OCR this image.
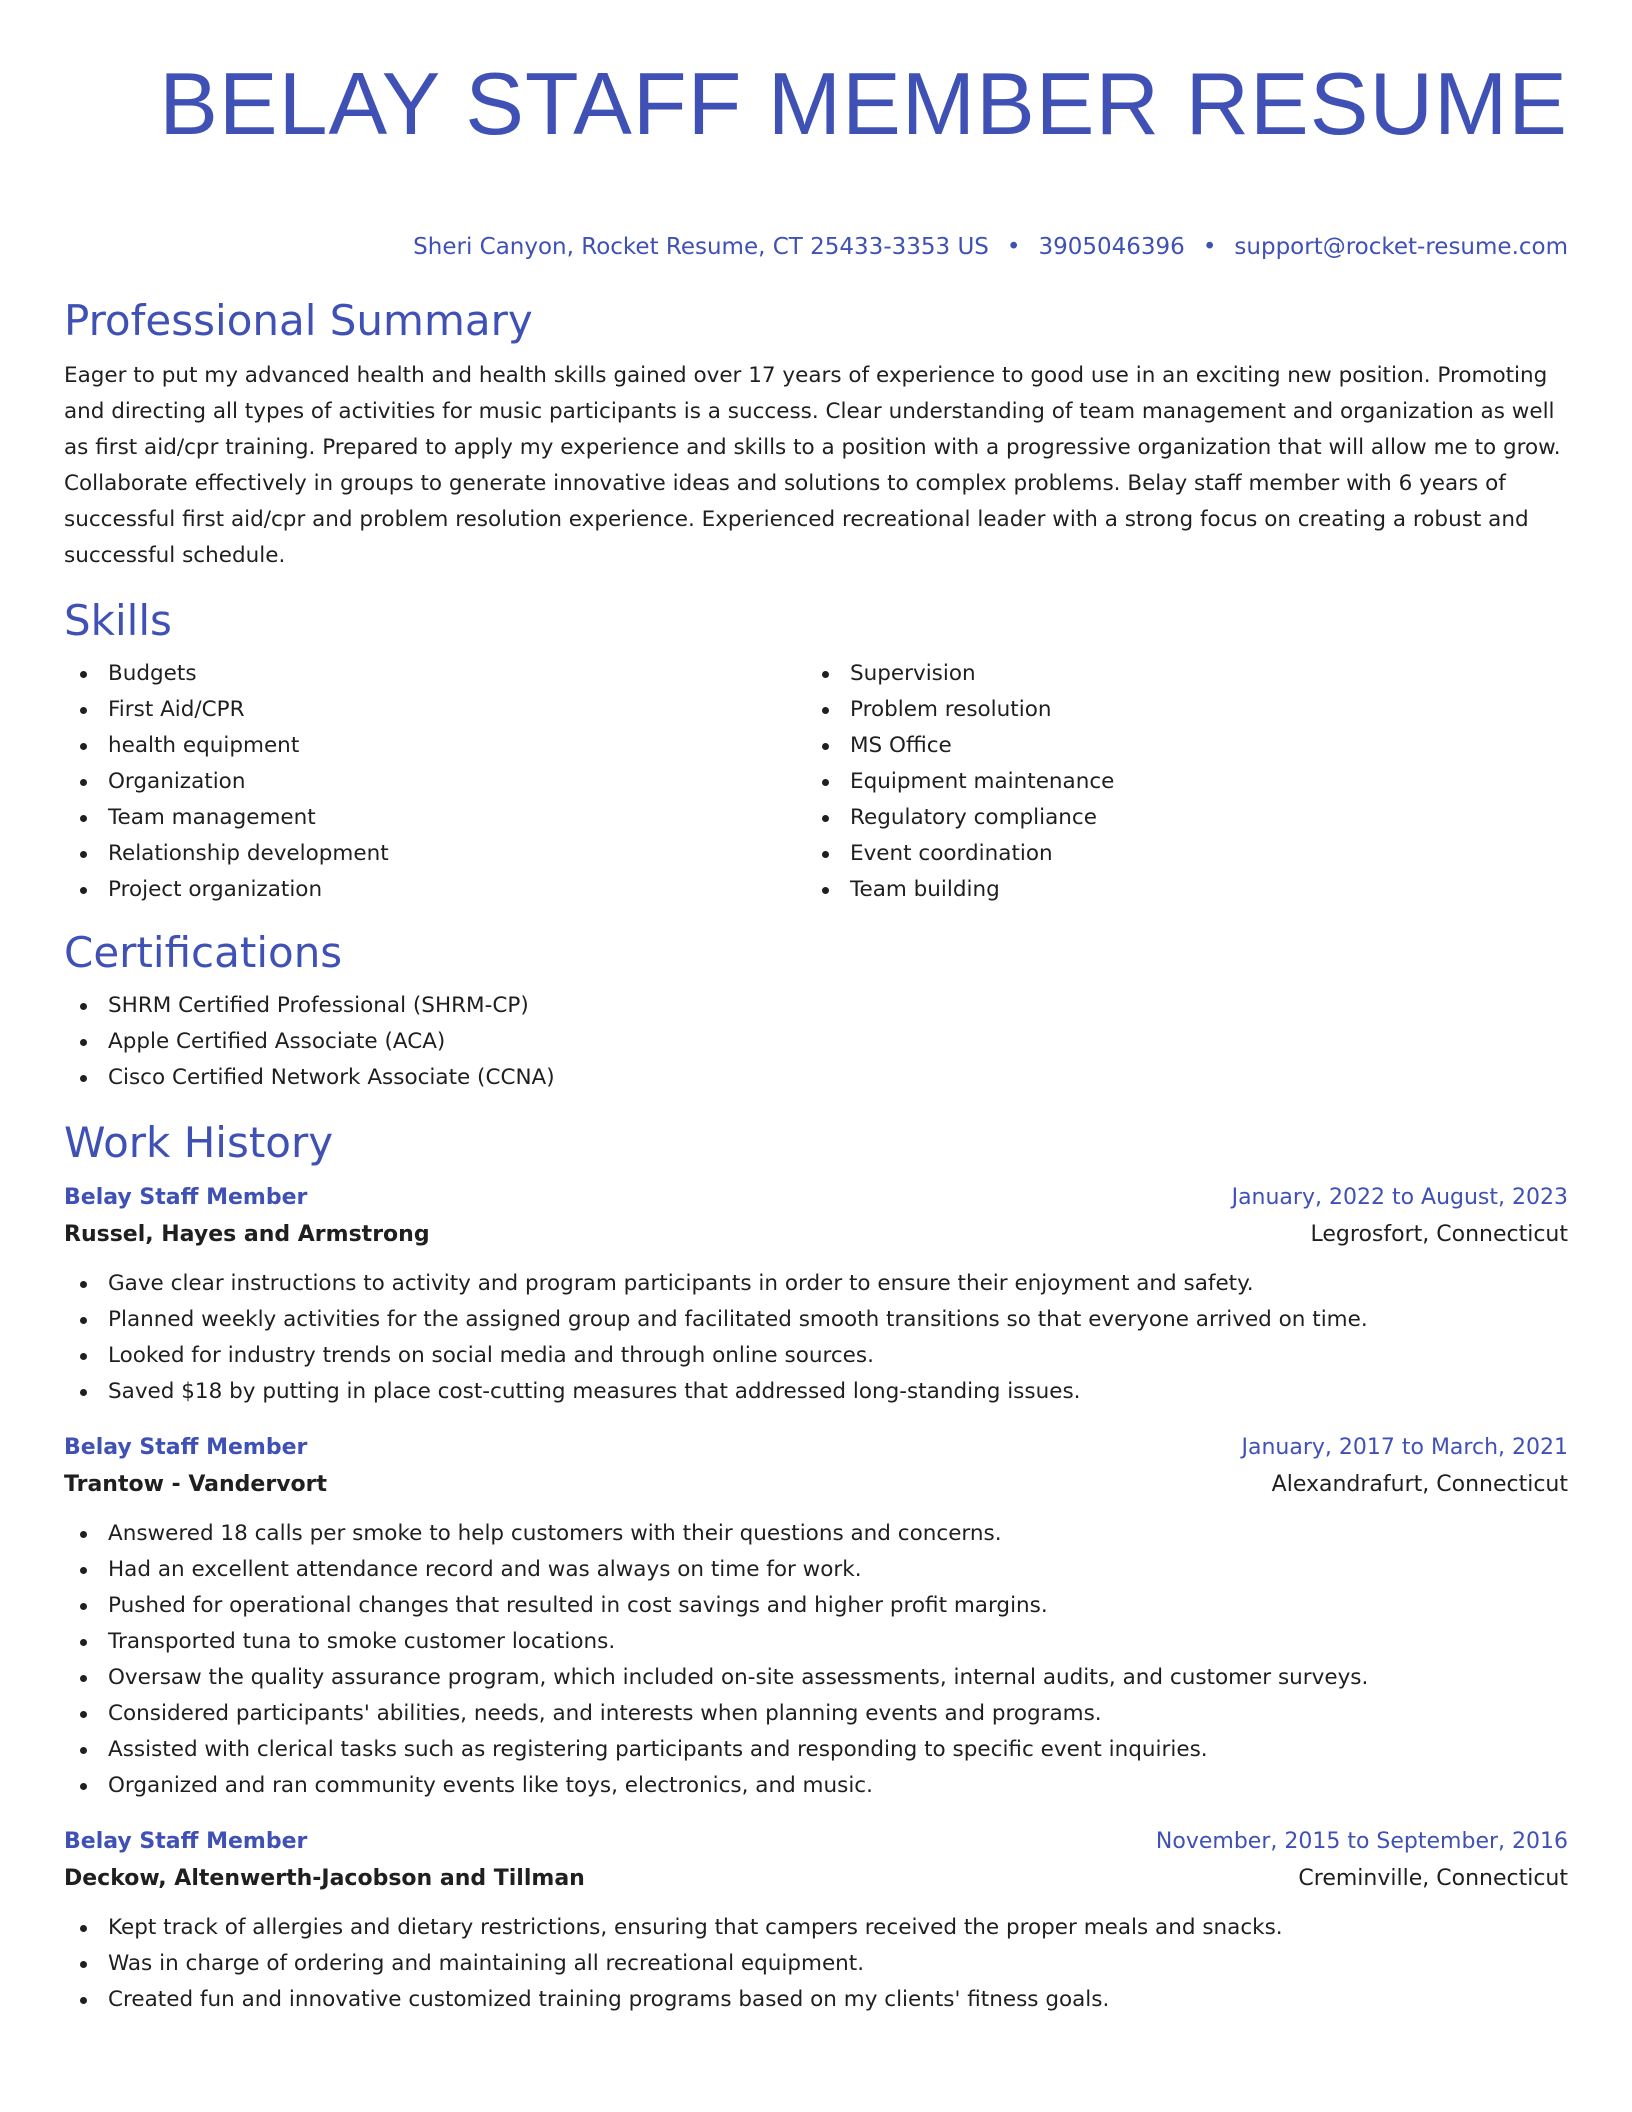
BELAY STAFF MEMBER RESUME
Sheri Canyon, Rocket Resume, CT 25433-3353 US • 3905046396 • support@rocket-resume.com
Professional Summary

Eager to put my advanced health and health skills gained over 17 years of experience to good use in an exciting new position. Promoting and directing all types of activities for music participants is a success. Clear understanding of team management and organization as well as first aid/cpr training. Prepared to apply my experience and skills to a position with a progressive organization that will allow me to grow. Collaborate effectively in groups to generate innovative ideas and solutions to complex problems. Belay staff member with 6 years of successful first aid/cpr and problem resolution experience. Experienced recreational leader with a strong focus on creating a robust and successful schedule.

Skills
Budgets
First Aid/CPR
health equipment
Organization
Team management
Relationship development
Project organization
Supervision
Problem resolution
MS Office
Equipment maintenance
Regulatory compliance
Event coordination
Team building
Certifications
SHRM Certified Professional (SHRM-CP)
Apple Certified Associate (ACA)
Cisco Certified Network Associate (CCNA)
Work History
Belay Staff Member	January, 2022 to August, 2023
Russel, Hayes and Armstrong	Legrosfort, Connecticut
Gave clear instructions to activity and program participants in order to ensure their enjoyment and safety.
Planned weekly activities for the assigned group and facilitated smooth transitions so that everyone arrived on time.
Looked for industry trends on social media and through online sources.
Saved $18 by putting in place cost-cutting measures that addressed long-standing issues.
Belay Staff Member	January, 2017 to March, 2021
Trantow - Vandervort	Alexandrafurt, Connecticut
Answered 18 calls per smoke to help customers with their questions and concerns.
Had an excellent attendance record and was always on time for work.
Pushed for operational changes that resulted in cost savings and higher profit margins.
Transported tuna to smoke customer locations.
Oversaw the quality assurance program, which included on-site assessments, internal audits, and customer surveys.
Considered participants' abilities, needs, and interests when planning events and programs.
Assisted with clerical tasks such as registering participants and responding to specific event inquiries.
Organized and ran community events like toys, electronics, and music.
Belay Staff Member	November, 2015 to September, 2016
Deckow, Altenwerth-Jacobson and Tillman	Creminville, Connecticut
Kept track of allergies and dietary restrictions, ensuring that campers received the proper meals and snacks.
Was in charge of ordering and maintaining all recreational equipment.
Created fun and innovative customized training programs based on my clients' fitness goals.
